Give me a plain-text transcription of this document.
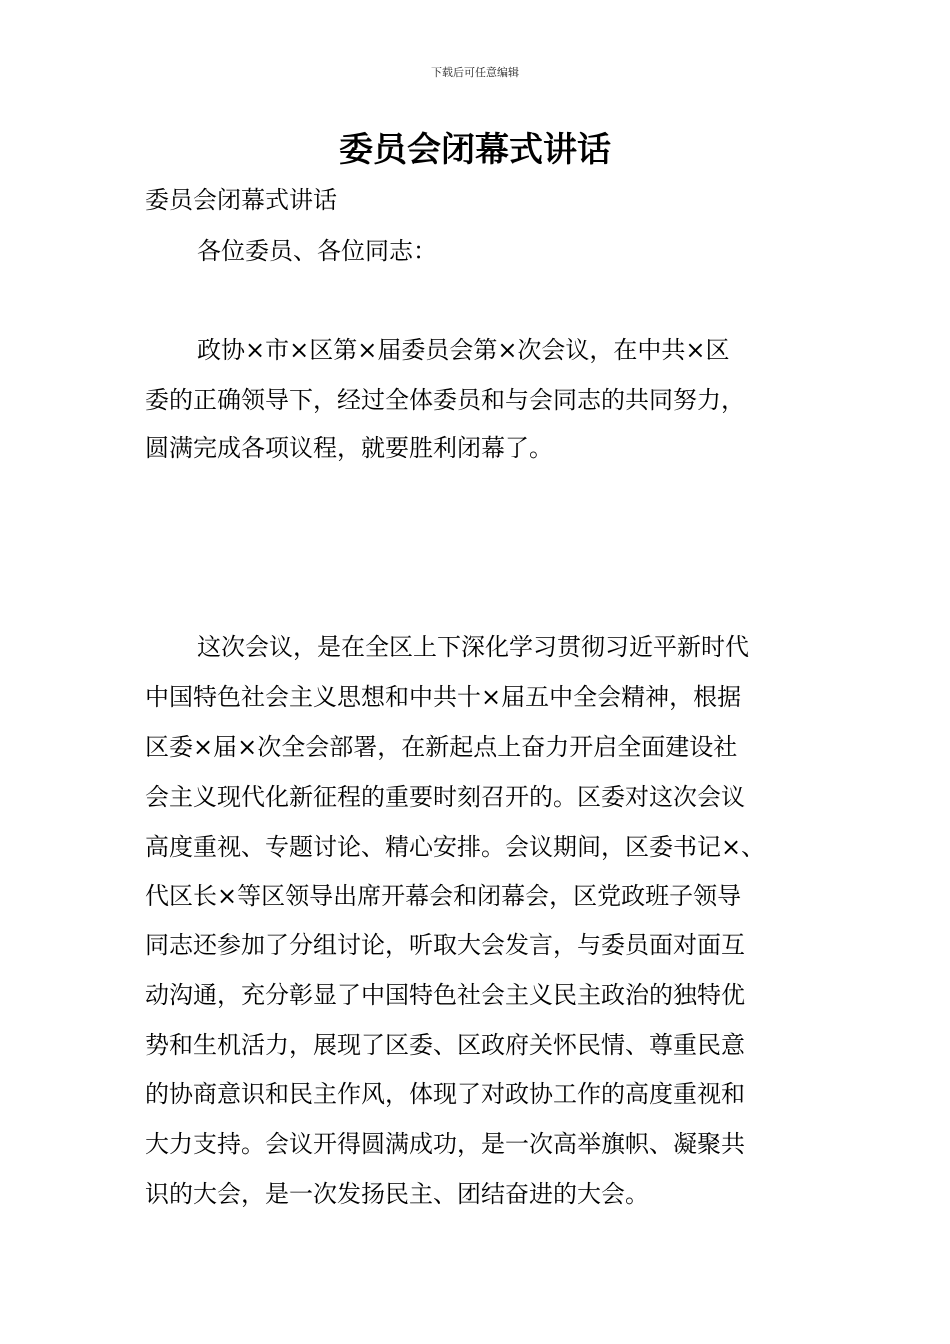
下载后可任意编辑
委员会闭幕式讲话

委员会闭幕式讲话

各位委员、各位同志：

政协×市×区第×届委员会第×次会议，在中共×区

委的正确领导下，经过全体委员和与会同志的共同努力，

圆满完成各项议程，就要胜利闭幕了。

这次会议，是在全区上下深化学习贯彻习近平新时代

中国特色社会主义思想和中共十×届五中全会精神，根据

区委×届×次全会部署，在新起点上奋力开启全面建设社

会主义现代化新征程的重要时刻召开的。区委对这次会议

高度重视、专题讨论、精心安排。会议期间，区委书记×、

代区长×等区领导出席开幕会和闭幕会，区党政班子领导

同志还参加了分组讨论，听取大会发言，与委员面对面互

动沟通，充分彰显了中国特色社会主义民主政治的独特优

势和生机活力，展现了区委、区政府关怀民情、尊重民意

的协商意识和民主作风，体现了对政协工作的高度重视和

大力支持。会议开得圆满成功，是一次高举旗帜、凝聚共

识的大会，是一次发扬民主、团结奋进的大会。
